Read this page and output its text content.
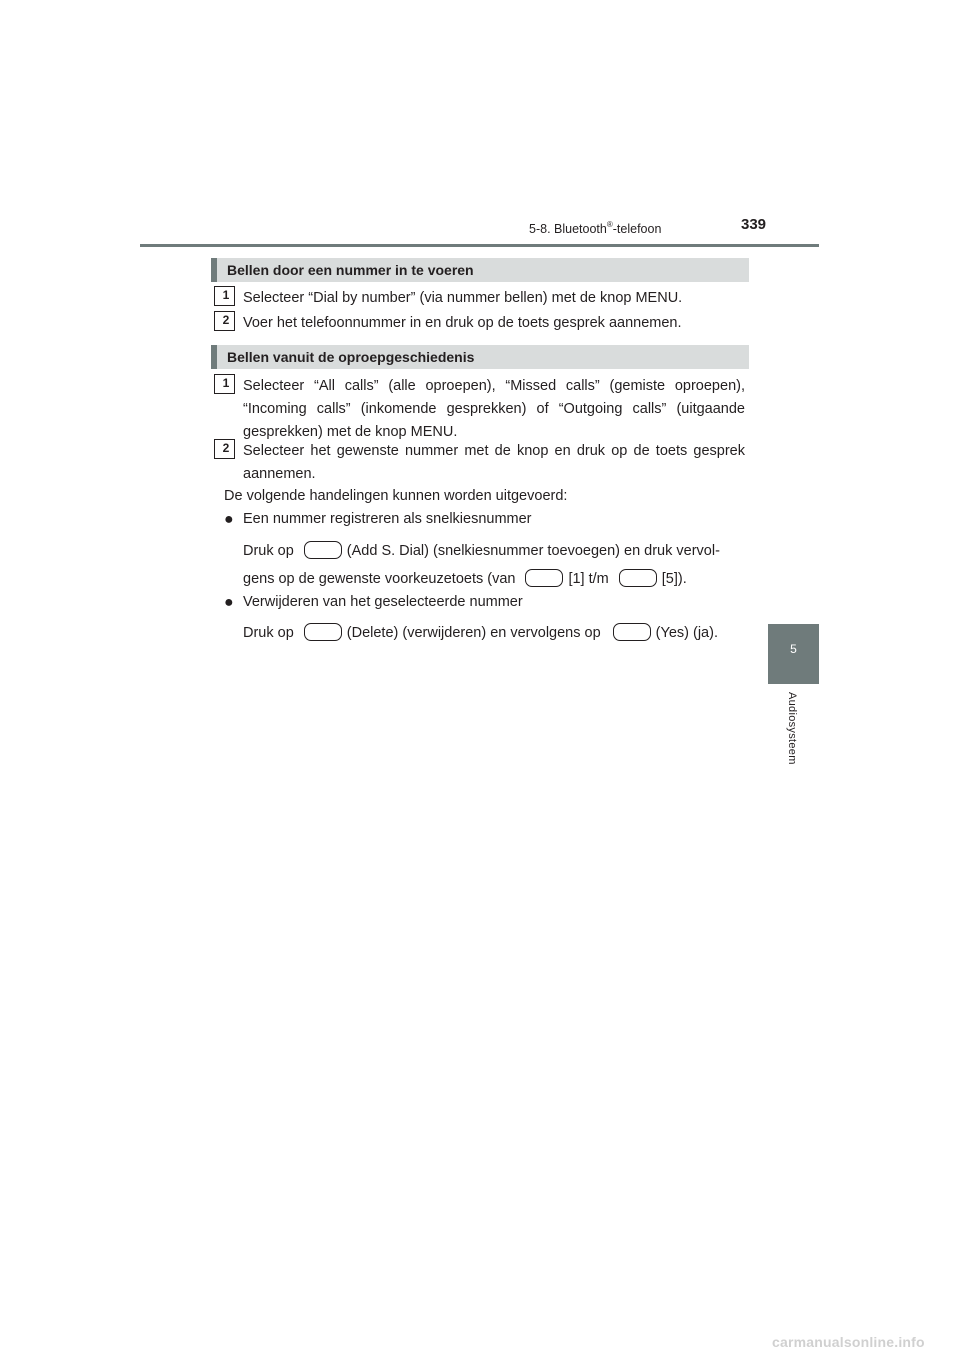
5-8. Bluetooth®-telefoon	339
Bellen door een nummer in te voeren
1 Selecteer “Dial by number” (via nummer bellen) met de knop MENU.
2 Voer het telefoonnummer in en druk op de toets gesprek aannemen.
Bellen vanuit de oproepgeschiedenis
1 Selecteer “All calls” (alle oproepen), “Missed calls” (gemiste oproepen), “Incoming calls” (inkomende gesprekken) of “Outgoing calls” (uitgaande gesprekken) met de knop MENU.
2 Selecteer het gewenste nummer met de knop en druk op de toets gesprek aannemen.
De volgende handelingen kunnen worden uitgevoerd:
● Een nummer registreren als snelkiesnummer
Druk op	(Add S. Dial) (snelkiesnummer toevoegen) en druk vervol-
gens op de gewenste voorkeuzetoets (van	[1] t/m	[5]).
● Verwijderen van het geselecteerde nummer
Druk op	(Delete) (verwijderen) en vervolgens op	(Yes) (ja).
5
Audiosysteem
carmanualsonline.info
